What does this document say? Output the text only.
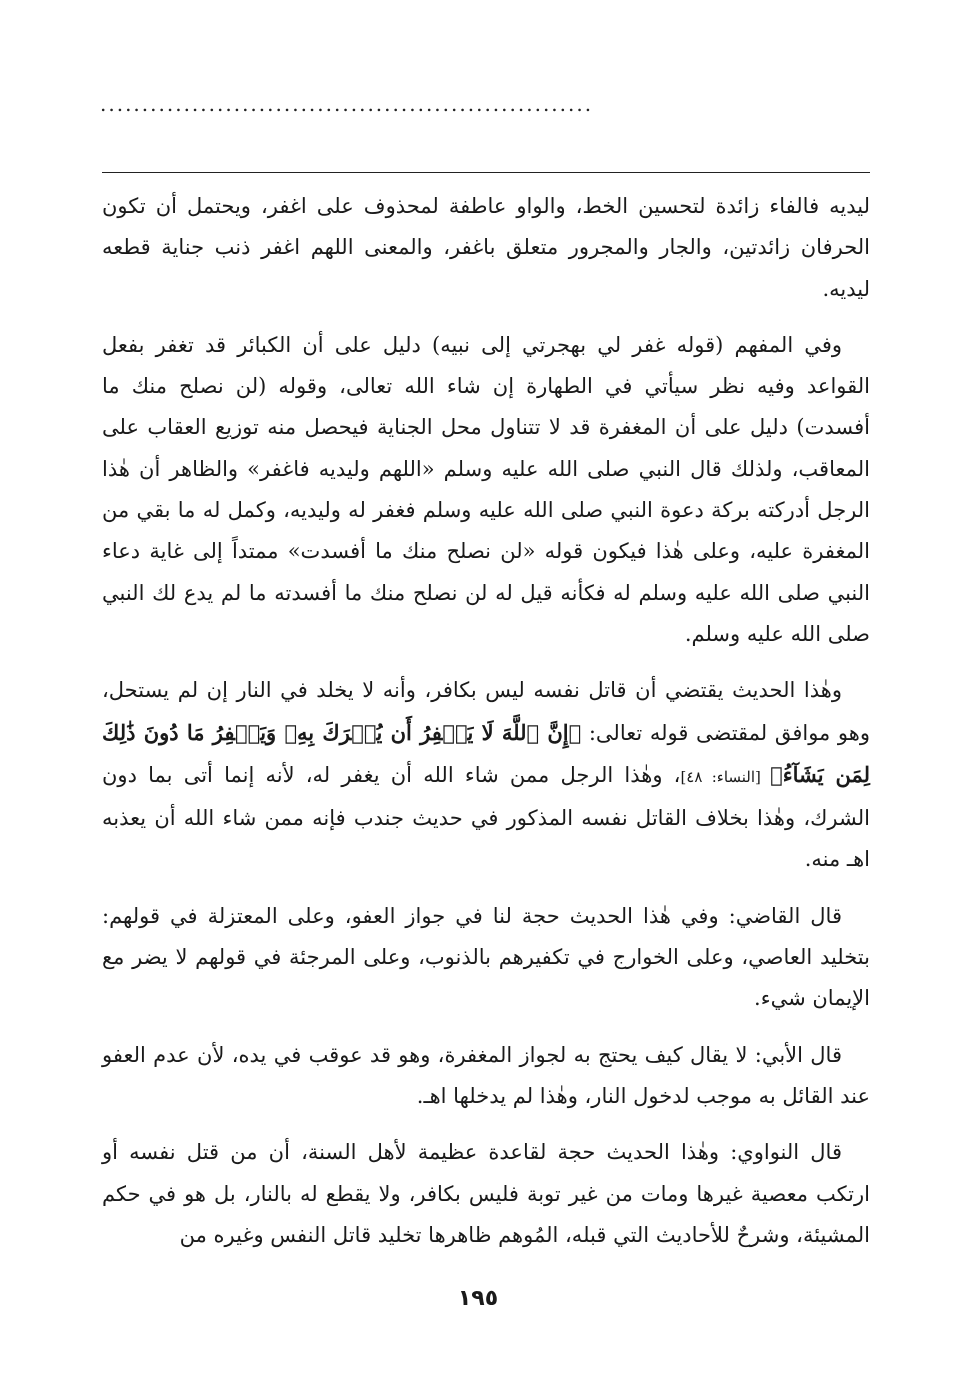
...........................................................

ليديه فالفاء زائدة لتحسين الخط، والواو عاطفة لمحذوف على اغفر، ويحتمل أن تكون الحرفان زائدتين، والجار والمجرور متعلق باغفر، والمعنى اللهم اغفر ذنب جناية قطعه ليديه.

وفي المفهم (قوله غفر لي بهجرتي إلى نبيه) دليل على أن الكبائر قد تغفر بفعل القواعد وفيه نظر سيأتي في الطهارة إن شاء الله تعالى، وقوله (لن نصلح منك ما أفسدت) دليل على أن المغفرة قد لا تتناول محل الجناية فيحصل منه توزيع العقاب على المعاقب، ولذلك قال النبي صلى الله عليه وسلم «اللهم وليديه فاغفر» والظاهر أن هٰذا الرجل أدركته بركة دعوة النبي صلى الله عليه وسلم فغفر له وليديه، وكمل له ما بقي من المغفرة عليه، وعلى هٰذا فيكون قوله «لن نصلح منك ما أفسدت» ممتداً إلى غاية دعاء النبي صلى الله عليه وسلم له فكأنه قيل له لن نصلح منك ما أفسدته ما لم يدع لك النبي صلى الله عليه وسلم.

وهٰذا الحديث يقتضي أن قاتل نفسه ليس بكافر، وأنه لا يخلد في النار إن لم يستحل، وهو موافق لمقتضى قوله تعالى: ﴿إِنَّ ٱللَّهَ لَا يَغۡفِرُ أَن يُشۡرَكَ بِهِۦ وَيَغۡفِرُ مَا دُونَ ذَٰلِكَ لِمَن يَشَآءُ﴾ [النساء: ٤٨]، وهٰذا الرجل ممن شاء الله أن يغفر له، لأنه إنما أتى بما دون الشرك، وهٰذا بخلاف القاتل نفسه المذكور في حديث جندب فإنه ممن شاء الله أن يعذبه اهـ منه.

قال القاضي: وفي هٰذا الحديث حجة لنا في جواز العفو، وعلى المعتزلة في قولهم: بتخليد العاصي، وعلى الخوارج في تكفيرهم بالذنوب، وعلى المرجئة في قولهم لا يضر مع الإيمان شيء.

قال الأبي: لا يقال كيف يحتج به لجواز المغفرة، وهو قد عوقب في يده، لأن عدم العفو عند القائل به موجب لدخول النار، وهٰذا لم يدخلها اهـ.

قال النواوي: وهٰذا الحديث حجة لقاعدة عظيمة لأهل السنة، أن من قتل نفسه أو ارتكب معصية غيرها ومات من غير توبة فليس بكافر، ولا يقطع له بالنار، بل هو في حكم المشيئة، وشرحٌ للأحاديث التي قبله، المُوهم ظاهرها تخليد قاتل النفس وغيره من

١٩٥
